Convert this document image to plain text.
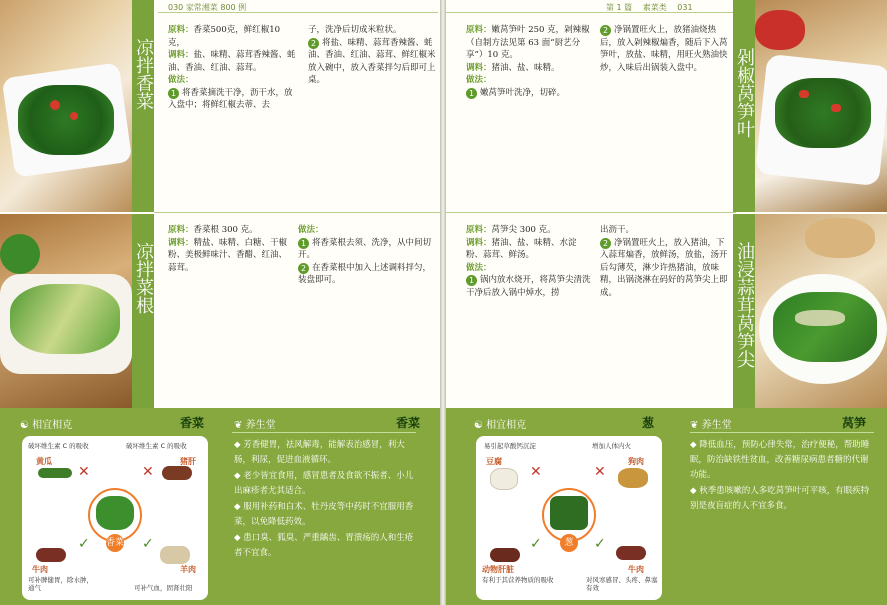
030 家常湘菜 800 例
凉拌香菜
凉拌菜根

原料：香菜500克，鲜红椒10克，

调料：盐、味精、蒜茸香辣酱、蚝油、香油、红油、蒜茸。

做法：

1 将香菜摘洗干净，沥干水，放入盘中；将鲜红椒去蒂、去

子，洗净后切成米粒状。

2 将盐、味精、蒜茸香辣酱、蚝油、香油、红油、蒜茸、鲜红椒米放入碗中，放入香菜拌匀后即可上桌。

原料：香菜根 300 克。

调料：精盐、味精、白糖、干椒粉、美极鲜味汁、香醋、红油、蒜茸。

做法：

1 将香菜根去须、洗净，从中间切开。

2 在香菜根中加入上述调料拌匀，装盘即可。

☯ 相宜相克	香菜
破坏维生素 C 的吸收	破坏维生素 C 的吸收
黄瓜	猪肝
✕	✕
香菜
✓	✓
牛肉	羊肉
可补脾健胃，除水肿，通气	可补气血，固肾壮阳
❦ 养生堂	香菜

◆ 芳香健胃，祛风解毒，能解表治感冒，利大肠，利尿，促进血液循环。

◆ 老少皆宜食用，感冒患者及食欲不振者、小儿出麻疹者尤其适合。

◆ 服用补药和白术、牡丹皮等中药时不宜服用香菜，以免降低药效。

◆ 患口臭、狐臭、严重龋齿、胃溃疡的人和生疮者不宜食。

第 1 篇 素菜类 031

原料：嫩莴笋叶 250 克，剁辣椒（自制方法见第 63 面“厨艺分享”）10 克。

调料：猪油、盐、味精。

做法：

1 嫩莴笋叶洗净，切碎。

2 净锅置旺火上，放猪油烧热后，放入剁辣椒煸香，随后下入莴笋叶，放盐、味精，用旺火熟油快炒，入味后出锅装入盘中。

原料：莴笋尖 300 克。

调料：猪油、盐、味精、水淀粉、蒜茸、鲜汤。

做法：

1 锅内放水烧开，将莴笋尖清洗干净后放入锅中焯水，捞

出沥干。

2 净锅置旺火上，放入猪油，下入蒜茸煸香，放鲜汤，放盐，汤开后勾薄芡，淋少许热猪油，放味精，出锅浇淋在码好的莴笋尖上即成。

剁椒莴笋叶
油浸蒜茸莴笋尖
☯ 相宜相克	葱
易引起草酸钙沉淀	增加人体内火
豆腐	狗肉
✕	✕
葱
✓	✓
动物肝脏	牛肉
有利于其营养物质的吸收	对风寒感冒、头疼、鼻塞有效
❦ 养生堂	莴笋

◆ 降低血压，预防心律失常，治疗便秘，帮助睡眠，防治缺铁性贫血，改善糖尿病患者糖的代谢功能。

◆ 秋季患咳嗽的人多吃莴笋叶可平咳，有眼疾特别是夜盲症的人不宜多食。
